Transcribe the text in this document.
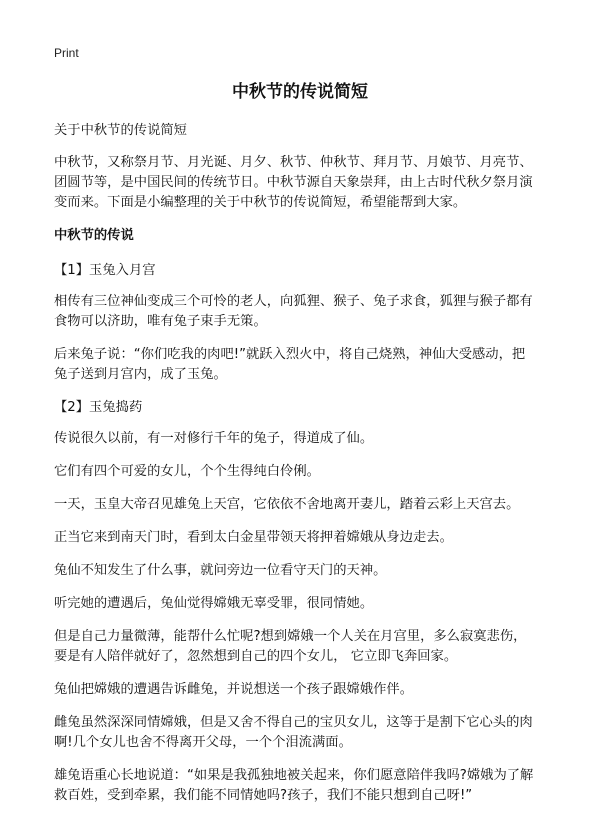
Print
中秋节的传说简短

关于中秋节的传说简短

中秋节，又称祭月节、月光诞、月夕、秋节、仲秋节、拜月节、月娘节、月亮节、
团圆节等，是中国民间的传统节日。中秋节源自天象崇拜，由上古时代秋夕祭月演
变而来。下面是小编整理的关于中秋节的传说简短，希望能帮到大家。

中秋节的传说

【1】玉兔入月宫

相传有三位神仙变成三个可怜的老人，向狐狸、猴子、兔子求食，狐狸与猴子都有
食物可以济助，唯有兔子束手无策。

后来兔子说：“你们吃我的肉吧!”就跃入烈火中，将自己烧熟，神仙大受感动，把
兔子送到月宫内，成了玉兔。

【2】玉兔捣药

传说很久以前，有一对修行千年的兔子，得道成了仙。

它们有四个可爱的女儿，个个生得纯白伶俐。

一天，玉皇大帝召见雄兔上天宫，它依依不舍地离开妻儿，踏着云彩上天宫去。

正当它来到南天门时，看到太白金星带领天将押着嫦娥从身边走去。

兔仙不知发生了什么事，就问旁边一位看守天门的天神。

听完她的遭遇后，兔仙觉得嫦娥无辜受罪，很同情她。

但是自己力量微薄，能帮什么忙呢?想到嫦娥一个人关在月宫里，多么寂寞悲伤，
要是有人陪伴就好了，忽然想到自己的四个女儿， 它立即飞奔回家。

兔仙把嫦娥的遭遇告诉雌兔，并说想送一个孩子跟嫦娥作伴。

雌兔虽然深深同情嫦娥，但是又舍不得自己的宝贝女儿，这等于是割下它心头的肉
啊!几个女儿也舍不得离开父母，一个个泪流满面。

雄兔语重心长地说道：“如果是我孤独地被关起来，你们愿意陪伴我吗?嫦娥为了解
救百姓，受到牵累，我们能不同情她吗?孩子，我们不能只想到自己呀!”
